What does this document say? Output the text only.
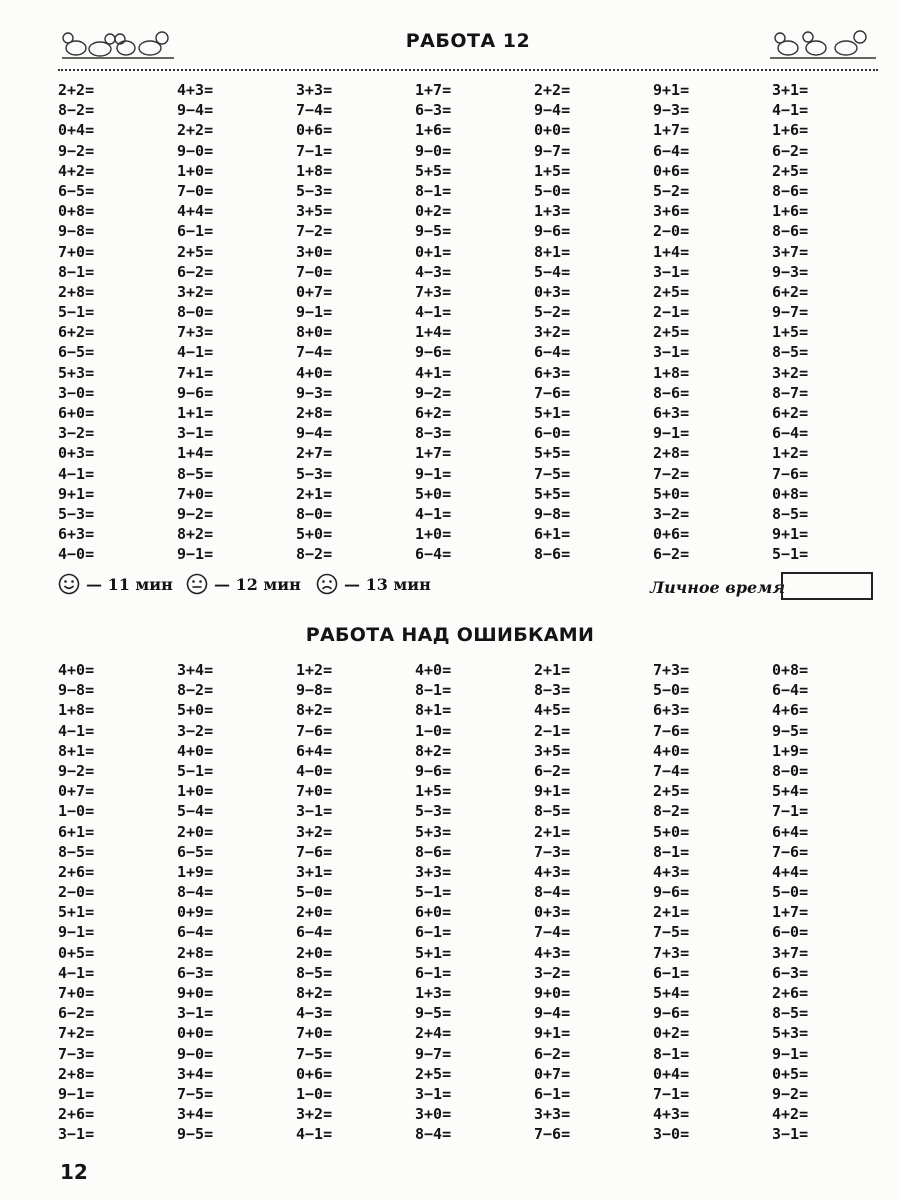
РАБОТА 12
2+2=	4+3=	3+3=	1+7=	2+2=	9+1=	3+1=
8−2=	9−4=	7−4=	6−3=	9−4=	9−3=	4−1=
0+4=	2+2=	0+6=	1+6=	0+0=	1+7=	1+6=
9−2=	9−0=	7−1=	9−0=	9−7=	6−4=	6−2=
4+2=	1+0=	1+8=	5+5=	1+5=	0+6=	2+5=
6−5=	7−0=	5−3=	8−1=	5−0=	5−2=	8−6=
0+8=	4+4=	3+5=	0+2=	1+3=	3+6=	1+6=
9−8=	6−1=	7−2=	9−5=	9−6=	2−0=	8−6=
7+0=	2+5=	3+0=	0+1=	8+1=	1+4=	3+7=
8−1=	6−2=	7−0=	4−3=	5−4=	3−1=	9−3=
2+8=	3+2=	0+7=	7+3=	0+3=	2+5=	6+2=
5−1=	8−0=	9−1=	4−1=	5−2=	2−1=	9−7=
6+2=	7+3=	8+0=	1+4=	3+2=	2+5=	1+5=
6−5=	4−1=	7−4=	9−6=	6−4=	3−1=	8−5=
5+3=	7+1=	4+0=	4+1=	6+3=	1+8=	3+2=
3−0=	9−6=	9−3=	9−2=	7−6=	8−6=	8−7=
6+0=	1+1=	2+8=	6+2=	5+1=	6+3=	6+2=
3−2=	3−1=	9−4=	8−3=	6−0=	9−1=	6−4=
0+3=	1+4=	2+7=	1+7=	5+5=	2+8=	1+2=
4−1=	8−5=	5−3=	9−1=	7−5=	7−2=	7−6=
9+1=	7+0=	2+1=	5+0=	5+5=	5+0=	0+8=
5−3=	9−2=	8−0=	4−1=	9−8=	3−2=	8−5=
6+3=	8+2=	5+0=	1+0=	6+1=	0+6=	9+1=
4−0=	9−1=	8−2=	6−4=	8−6=	6−2=	5−1=
— 11 мин	— 12 мин	— 13 мин	Личное время
РАБОТА НАД ОШИБКАМИ
4+0=	3+4=	1+2=	4+0=	2+1=	7+3=	0+8=
9−8=	8−2=	9−8=	8−1=	8−3=	5−0=	6−4=
1+8=	5+0=	8+2=	8+1=	4+5=	6+3=	4+6=
4−1=	3−2=	7−6=	1−0=	2−1=	7−6=	9−5=
8+1=	4+0=	6+4=	8+2=	3+5=	4+0=	1+9=
9−2=	5−1=	4−0=	9−6=	6−2=	7−4=	8−0=
0+7=	1+0=	7+0=	1+5=	9+1=	2+5=	5+4=
1−0=	5−4=	3−1=	5−3=	8−5=	8−2=	7−1=
6+1=	2+0=	3+2=	5+3=	2+1=	5+0=	6+4=
8−5=	6−5=	7−6=	8−6=	7−3=	8−1=	7−6=
2+6=	1+9=	3+1=	3+3=	4+3=	4+3=	4+4=
2−0=	8−4=	5−0=	5−1=	8−4=	9−6=	5−0=
5+1=	0+9=	2+0=	6+0=	0+3=	2+1=	1+7=
9−1=	6−4=	6−4=	6−1=	7−4=	7−5=	6−0=
0+5=	2+8=	2+0=	5+1=	4+3=	7+3=	3+7=
4−1=	6−3=	8−5=	6−1=	3−2=	6−1=	6−3=
7+0=	9+0=	8+2=	1+3=	9+0=	5+4=	2+6=
6−2=	3−1=	4−3=	9−5=	9−4=	9−6=	8−5=
7+2=	0+0=	7+0=	2+4=	9+1=	0+2=	5+3=
7−3=	9−0=	7−5=	9−7=	6−2=	8−1=	9−1=
2+8=	3+4=	0+6=	2+5=	0+7=	0+4=	0+5=
9−1=	7−5=	1−0=	3−1=	6−1=	7−1=	9−2=
2+6=	3+4=	3+2=	3+0=	3+3=	4+3=	4+2=
3−1=	9−5=	4−1=	8−4=	7−6=	3−0=	3−1=
12
